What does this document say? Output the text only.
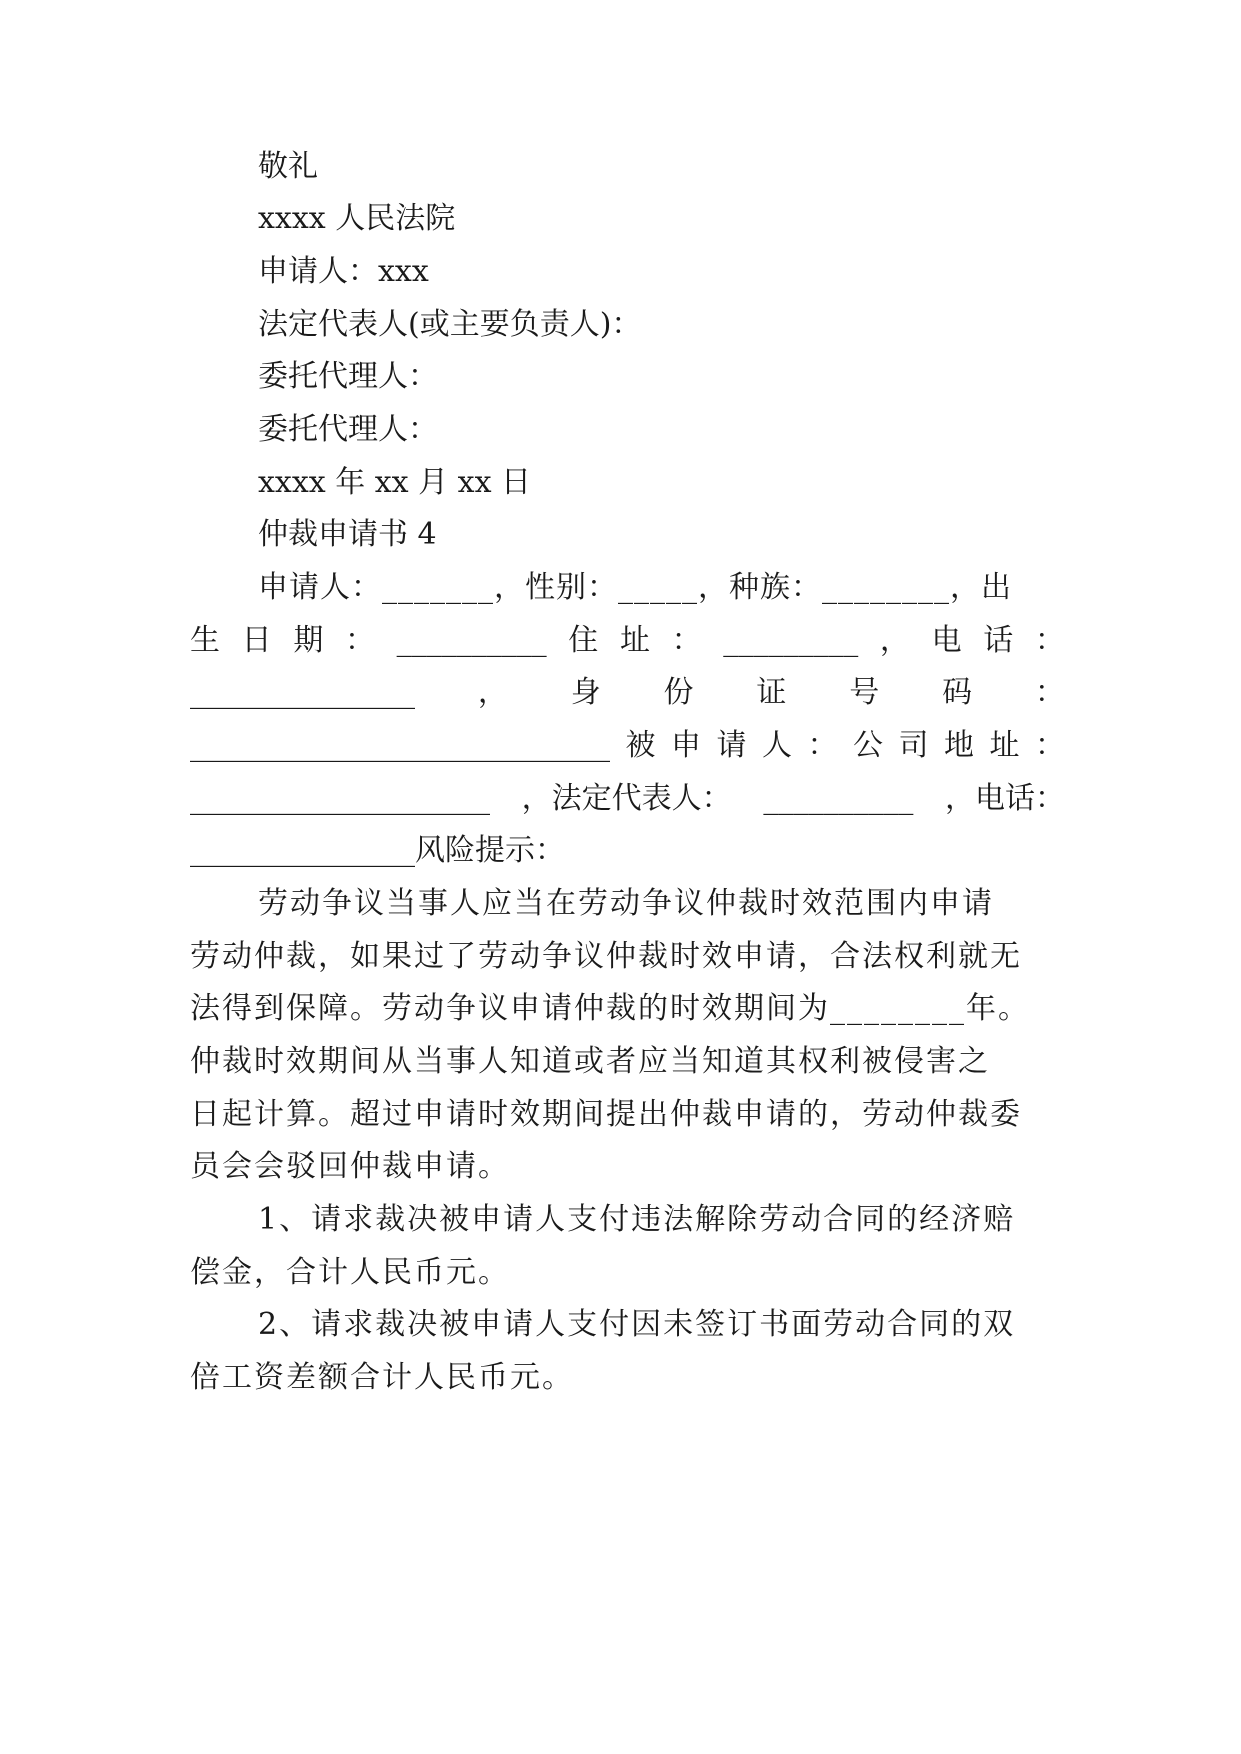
敬礼
xxxx 人民法院
申请人：xxx
法定代表人(或主要负责人)：
委托代理人：
委托代理人：
xxxx 年 xx 月 xx 日
仲裁申请书 4
申请人：_______，性别：_____，种族：________，出
生 日 期 ： __________ 住 址 ： _________ ， 电 话 ：
_______________ ， 身 份 证 号 码 ：
____________________________ 被 申 请 人 ： 公 司 地 址 ：
____________________ ，法定代表人： __________ ，电话：
_______________风险提示：
劳动争议当事人应当在劳动争议仲裁时效范围内申请
劳动仲裁，如果过了劳动争议仲裁时效申请，合法权利就无
法得到保障。劳动争议申请仲裁的时效期间为________年。
仲裁时效期间从当事人知道或者应当知道其权利被侵害之
日起计算。超过申请时效期间提出仲裁申请的，劳动仲裁委
员会会驳回仲裁申请。
1、请求裁决被申请人支付违法解除劳动合同的经济赔
偿金，合计人民币元。
2、请求裁决被申请人支付因未签订书面劳动合同的双
倍工资差额合计人民币元。
